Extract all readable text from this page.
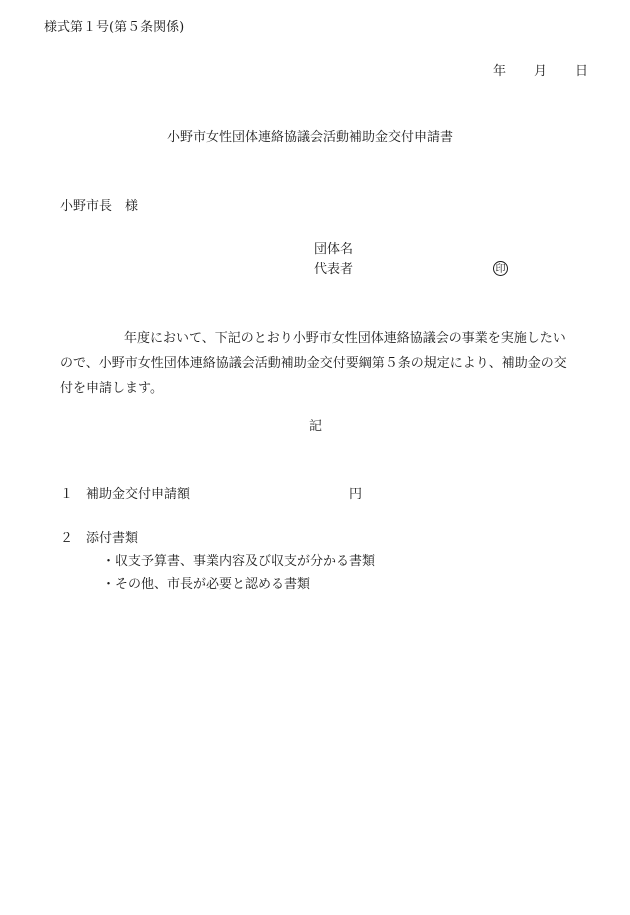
様式第１号(第５条関係)
年 月 日
小野市女性団体連絡協議会活動補助金交付申請書
小野市長 様
団体名
代表者	印

年度において、下記のとおり小野市女性団体連絡協議会の事業を実施したい

ので、小野市女性団体連絡協議会活動補助金交付要綱第５条の規定により、補助金の交

付を申請します。

記
１ 補助金交付申請額	円
２ 添付書類
・収支予算書、事業内容及び収支が分かる書類
・その他、市長が必要と認める書類
